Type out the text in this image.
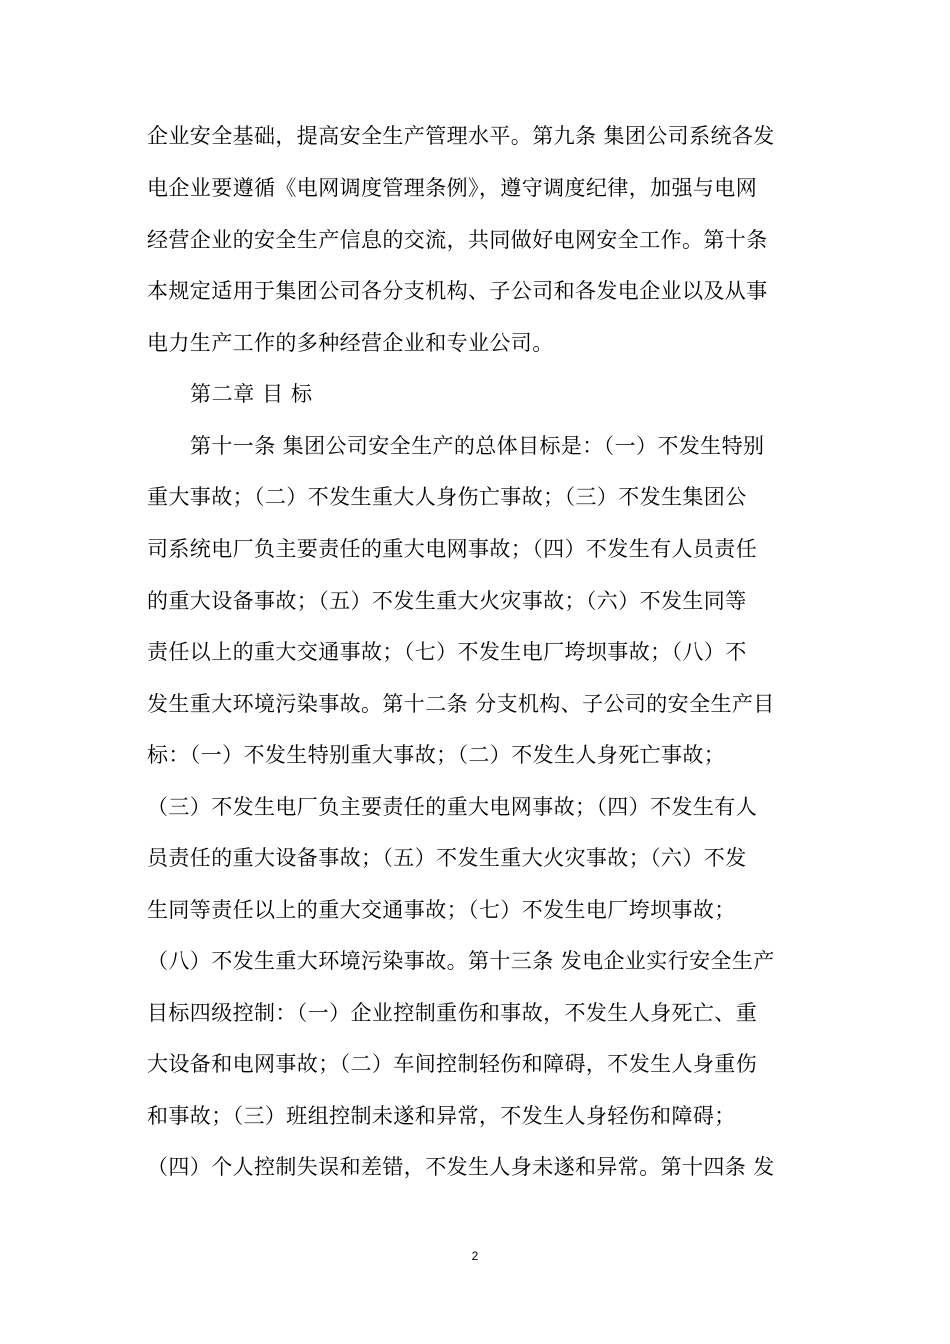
企业安全基础，提高安全生产管理水平。第九条 集团公司系统各发
电企业要遵循《电网调度管理条例》，遵守调度纪律，加强与电网
经营企业的安全生产信息的交流，共同做好电网安全工作。第十条
本规定适用于集团公司各分支机构、子公司和各发电企业以及从事
电力生产工作的多种经营企业和专业公司。
第二章 目 标
第十一条 集团公司安全生产的总体目标是：（一）不发生特别
重大事故；（二）不发生重大人身伤亡事故；（三）不发生集团公
司系统电厂负主要责任的重大电网事故；（四）不发生有人员责任
的重大设备事故；（五）不发生重大火灾事故；（六）不发生同等
责任以上的重大交通事故；（七）不发生电厂垮坝事故；（八）不
发生重大环境污染事故。第十二条 分支机构、子公司的安全生产目
标：（一）不发生特别重大事故；（二）不发生人身死亡事故；
（三）不发生电厂负主要责任的重大电网事故；（四）不发生有人
员责任的重大设备事故；（五）不发生重大火灾事故；（六）不发
生同等责任以上的重大交通事故；（七）不发生电厂垮坝事故；
（八）不发生重大环境污染事故。第十三条 发电企业实行安全生产
目标四级控制：（一）企业控制重伤和事故，不发生人身死亡、重
大设备和电网事故；（二）车间控制轻伤和障碍，不发生人身重伤
和事故；（三）班组控制未遂和异常，不发生人身轻伤和障碍；
（四）个人控制失误和差错，不发生人身未遂和异常。第十四条 发
2
